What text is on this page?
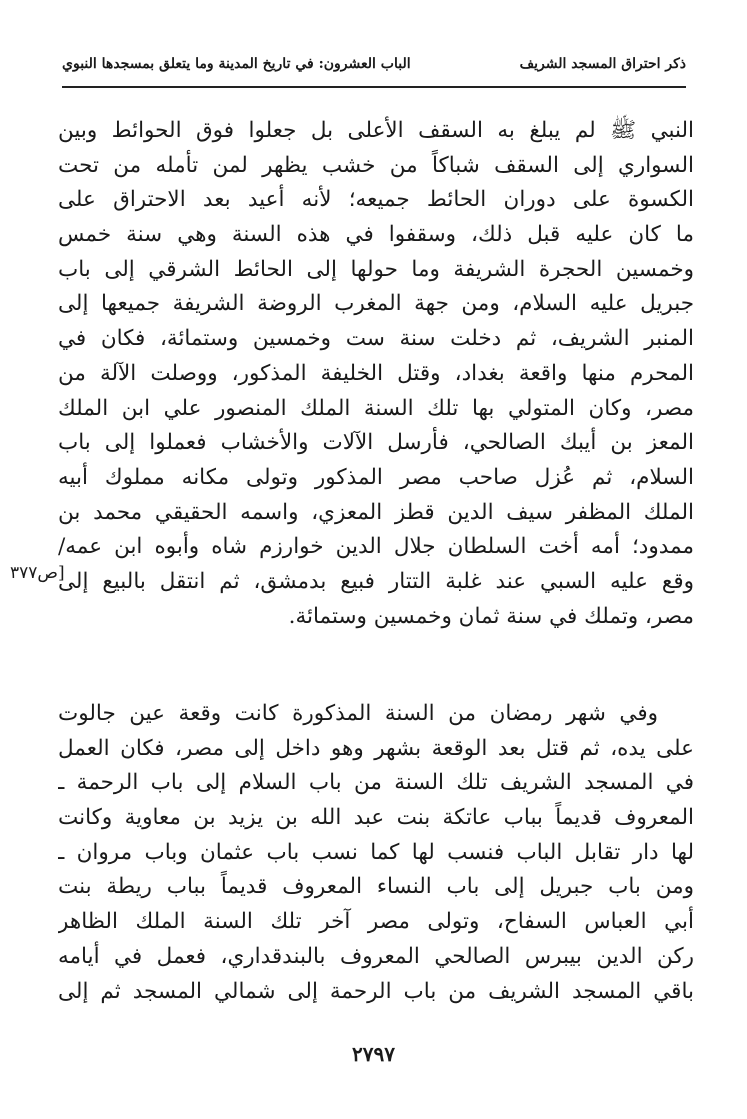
ذكر احتراق المسجد الشريف
الباب العشرون: في تاريخ المدينة وما يتعلق بمسجدها النبوي
النبي ﷺ لم يبلغ به السقف الأعلى بل جعلوا فوق الحوائط وبين
السواري إلى السقف شباكاً من خشب يظهر لمن تأمله من تحت
الكسوة على دوران الحائط جميعه؛ لأنه أعيد بعد الاحتراق على
ما كان عليه قبل ذلك، وسقفوا في هذه السنة وهي سنة خمس
وخمسين الحجرة الشريفة وما حولها إلى الحائط الشرقي إلى باب
جبريل عليه السلام، ومن جهة المغرب الروضة الشريفة جميعها إلى
المنبر الشريف، ثم دخلت سنة ست وخمسين وستمائة، فكان في
المحرم منها واقعة بغداد، وقتل الخليفة المذكور، ووصلت الآلة من
مصر، وكان المتولي بها تلك السنة الملك المنصور علي ابن الملك
المعز بن أيبك الصالحي، فأرسل الآلات والأخشاب فعملوا إلى باب
السلام، ثم عُزل صاحب مصر المذكور وتولى مكانه مملوك أبيه
الملك المظفر سيف الدين قطز المعزي، واسمه الحقيقي محمد بن
ممدود؛ أمه أخت السلطان جلال الدين خوارزم شاه وأبوه ابن عمه/
وقع عليه السبي عند غلبة التتار فبيع بدمشق، ثم انتقل بالبيع إلى
مصر، وتملك في سنة ثمان وخمسين وستمائة.
[ص٣٧٧
وفي شهر رمضان من السنة المذكورة كانت وقعة عين جالوت
على يده، ثم قتل بعد الوقعة بشهر وهو داخل إلى مصر، فكان العمل
في المسجد الشريف تلك السنة من باب السلام إلى باب الرحمة ـ
المعروف قديماً بباب عاتكة بنت عبد الله بن يزيد بن معاوية وكانت
لها دار تقابل الباب فنسب لها كما نسب باب عثمان وباب مروان ـ
ومن باب جبريل إلى باب النساء المعروف قديماً بباب ريطة بنت
أبي العباس السفاح، وتولى مصر آخر تلك السنة الملك الظاهر
ركن الدين بيبرس الصالحي المعروف بالبندقداري، فعمل في أيامه
باقي المسجد الشريف من باب الرحمة إلى شمالي المسجد ثم إلى
٢٧٩٧
